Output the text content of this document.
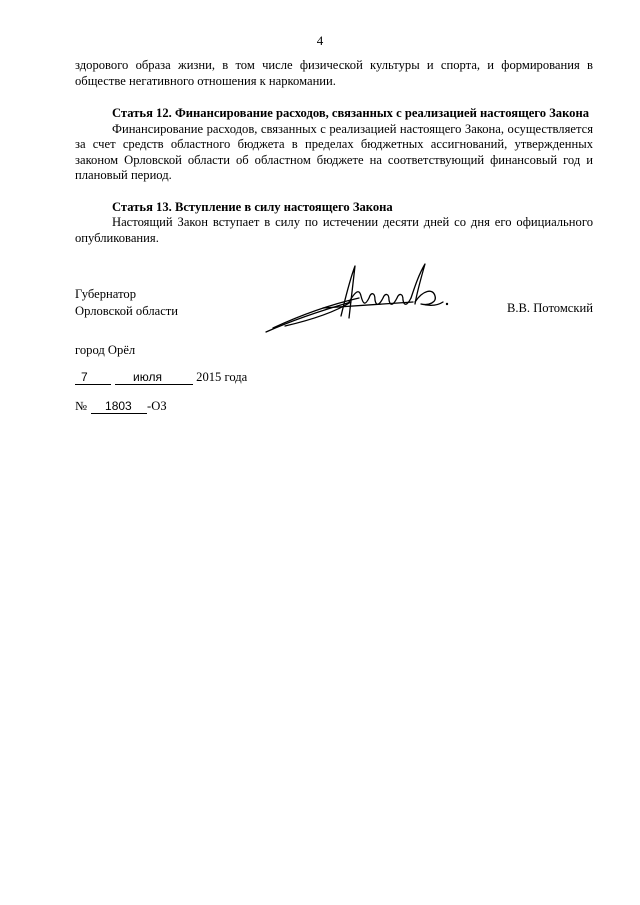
4

здорового образа жизни, в том числе физической культуры и спорта, и формирования в обществе негативного отношения к наркомании.

Статья 12. Финансирование расходов, связанных с реализацией настоящего Закона

Финансирование расходов, связанных с реализацией настоящего Закона, осуществляется за счет средств областного бюджета в пределах бюджетных ассигнований, утвержденных законом Орловской области об областном бюджете на соответствующий финансовый год и плановый период.

Статья 13. Вступление в силу настоящего Закона

Настоящий Закон вступает в силу по истечении десяти дней со дня его официального опубликования.

Губернатор
Орловской области	В.В. Потомский
город Орёл
7	июля	2015 года
№ 1803 -ОЗ
